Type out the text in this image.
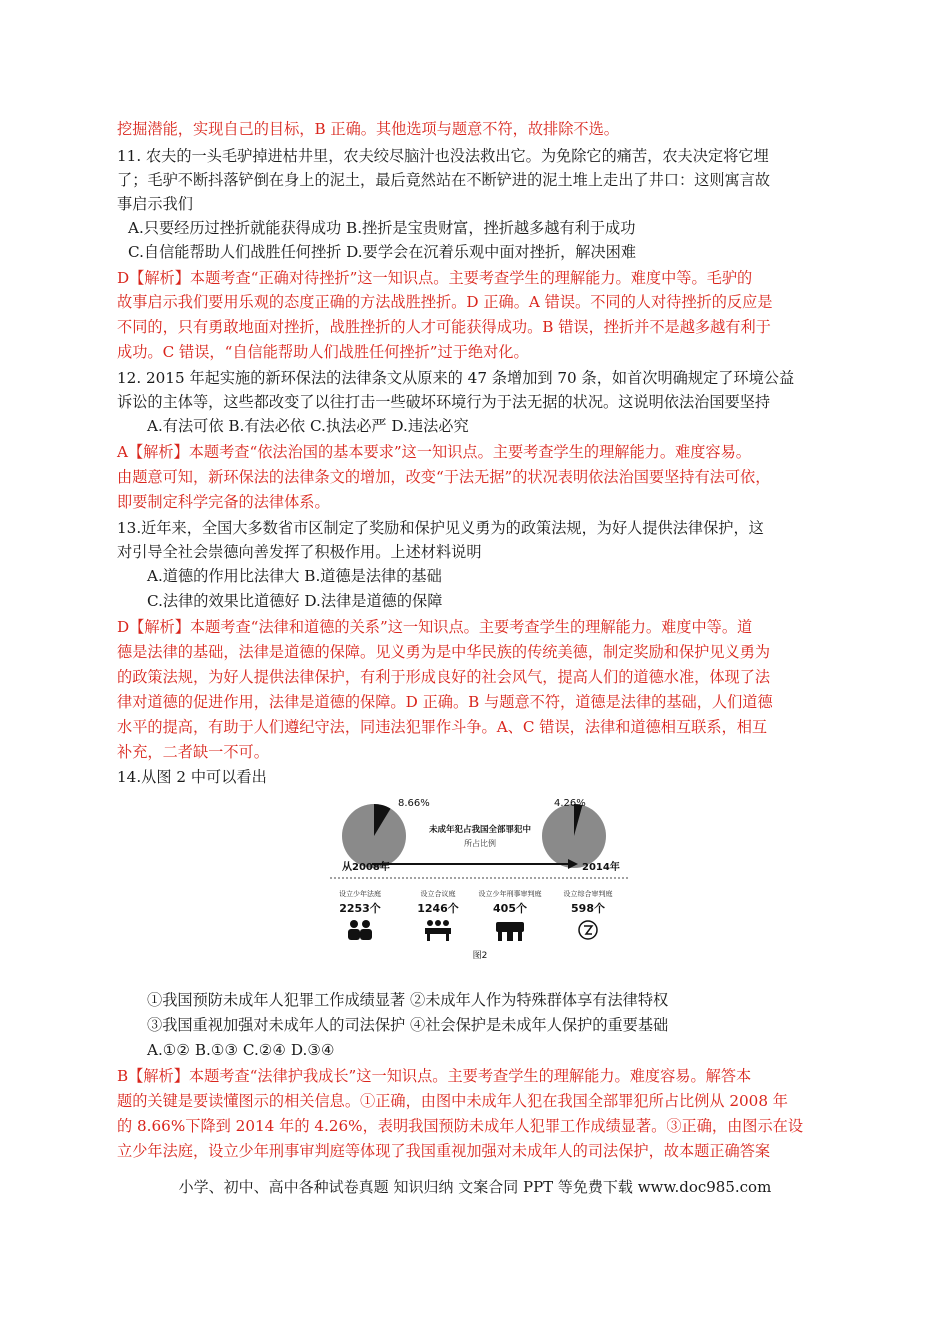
挖掘潜能，实现自己的目标，B 正确。其他选项与题意不符，故排除不选。
11. 农夫的一头毛驴掉进枯井里，农夫绞尽脑汁也没法救出它。为免除它的痛苦，农夫决定将它埋
了；毛驴不断抖落铲倒在身上的泥土，最后竟然站在不断铲进的泥土堆上走出了井口：这则寓言故
事启示我们
A.只要经历过挫折就能获得成功 B.挫折是宝贵财富，挫折越多越有利于成功
C.自信能帮助人们战胜任何挫折 D.要学会在沉着乐观中面对挫折，解决困难
D【解析】本题考查“正确对待挫折”这一知识点。主要考查学生的理解能力。难度中等。毛驴的
故事启示我们要用乐观的态度正确的方法战胜挫折。D 正确。A 错误。不同的人对待挫折的反应是
不同的，只有勇敢地面对挫折，战胜挫折的人才可能获得成功。B 错误，挫折并不是越多越有利于
成功。C 错误，“自信能帮助人们战胜任何挫折”过于绝对化。
12. 2015 年起实施的新环保法的法律条文从原来的 47 条增加到 70 条，如首次明确规定了环境公益
诉讼的主体等，这些都改变了以往打击一些破坏环境行为于法无据的状况。这说明依法治国要坚持
A.有法可依 B.有法必依 C.执法必严 D.违法必究
A【解析】本题考查“依法治国的基本要求”这一知识点。主要考查学生的理解能力。难度容易。
由题意可知，新环保法的法律条文的增加，改变“于法无据”的状况表明依法治国要坚持有法可依，
即要制定科学完备的法律体系。
13.近年来，全国大多数省市区制定了奖励和保护见义勇为的政策法规，为好人提供法律保护，这
对引导全社会崇德向善发挥了积极作用。上述材料说明
A.道德的作用比法律大 B.道德是法律的基础
C.法律的效果比道德好 D.法律是道德的保障
D【解析】本题考查“法律和道德的关系”这一知识点。主要考查学生的理解能力。难度中等。道
德是法律的基础，法律是道德的保障。见义勇为是中华民族的传统美德，制定奖励和保护见义勇为
的政策法规，为好人提供法律保护，有利于形成良好的社会风气，提高人们的道德水准，体现了法
律对道德的促进作用，法律是道德的保障。D 正确。B 与题意不符，道德是法律的基础，人们道德
水平的提高，有助于人们遵纪守法，同违法犯罪作斗争。A、C 错误，法律和道德相互联系，相互
补充，二者缺一不可。
14.从图 2 中可以看出
8.66%	4.26%
未成年犯占我国全部罪犯中
所占比例
从2008年	2014年
设立少年法庭
2253个
设立合议庭
1246个
设立少年刑事审判庭
405个
设立综合审判庭
598个
图2
①我国预防未成年人犯罪工作成绩显著 ②未成年人作为特殊群体享有法律特权
③我国重视加强对未成年人的司法保护 ④社会保护是未成年人保护的重要基础
A.①② B.①③ C.②④ D.③④
B【解析】本题考查“法律护我成长”这一知识点。主要考查学生的理解能力。难度容易。解答本
题的关键是要读懂图示的相关信息。①正确，由图中未成年人犯在我国全部罪犯所占比例从 2008 年
的 8.66%下降到 2014 年的 4.26%，表明我国预防未成年人犯罪工作成绩显著。③正确，由图示在设
立少年法庭，设立少年刑事审判庭等体现了我国重视加强对未成年人的司法保护，故本题正确答案
小学、初中、高中各种试卷真题 知识归纳 文案合同 PPT 等免费下载 www.doc985.com
